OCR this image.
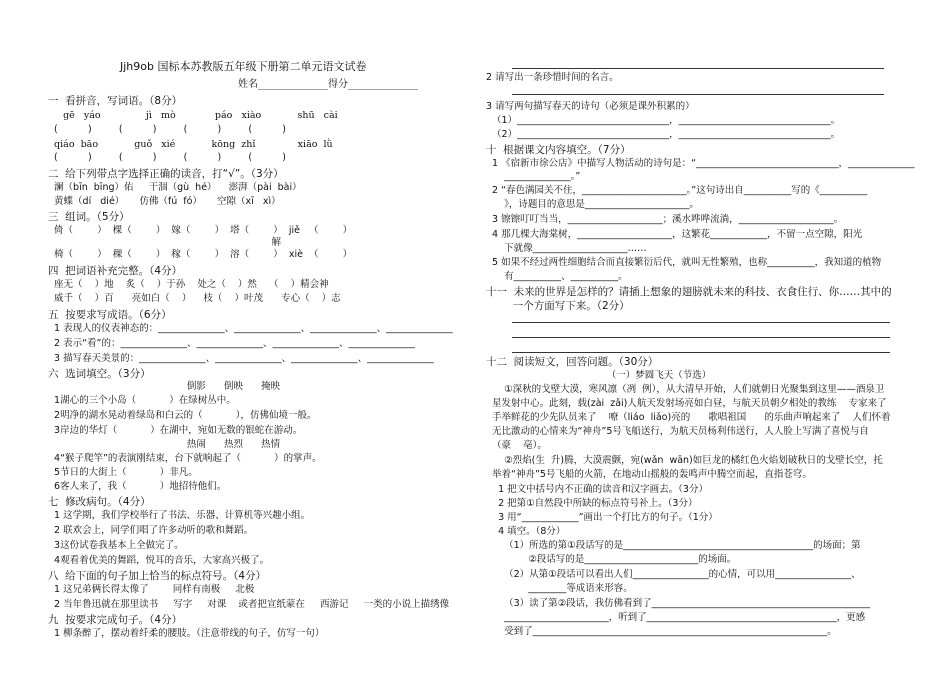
Jjh9ob 国标本苏教版五年级下册第二单元语文试卷
姓名______________得分______________
一  看拼音，写词语。（8分）
gē   yáo               jì   mò             páo   xiào            shū   cài
(          )         (          )         (          )         (          )
qiáo  bāo            guǒ   xié            kōng  zhǐ              xiāo  lǜ
(          )         (          )         (          )         (          )
二  给下列带点字选择正确的读音，打“√”。（3分）
澜（bīn  bīng）佑     干涸（gù  hé）    澎湃（pài  bài）
黄蝶（dí   dié）     仿佛（fú  fó）     空隙（xī   xì）
三  组词。（5分）
倚（        ）  棵（        ）  嫁（        ）  塔（        ）  jiě   （        ）
解
椅（        ）  稞（        ）  稼（        ）  溶（        ）  xiè  （        ）
四  把词语补充完整。（4分）
座无（    ）地    炙（    ）于孙    处之（    ）然    （    ）精会神
威千（    ）百      亮如白（    ）    枝（    ）叶茂      专心（    ）志
五  按要求写成语。（6分）
1 表现人的仪表神态的：______________、______________、______________、______________
2 表示“看”的：______________、______________、______________、______________
3 描写春天美景的：______________、______________、______________、______________
六  选词填空。（3分）
倒影      倒映      掩映
1湖心的三个小岛（           ）在绿树丛中。
2明净的湖水晃动着绿岛和白云的（           ），仿佛仙境一般。
3岸边的华灯（           ）在湖中，宛如无数的银蛇在游动。
热闹      热烈      热情
4“猴子爬竿”的表演刚结束，台下就响起了（           ）的掌声。
5节日的大街上（           ）非凡。
6客人来了，我（           ）地招待他们。
七  修改病句。（4分）
1 这学期，我们学校举行了书法、乐器、计算机等兴趣小组。
2 联欢会上，同学们唱了许多动听的歌和舞蹈。
3这份试卷我基本上全做完了。
4观看着优美的舞蹈，悦耳的音乐，大家高兴极了。
八  给下面的句子加上恰当的标点符号。（4分）
1 这兄弟俩长得太像了        同样有南极     北极
2 当年鲁迅就在那里读书     写字     对课    或者把宣纸蒙在     西游记     一类的小说上描绣像
九  按要求完成句子。（4分）
1 柳条醉了，摆动着纤柔的腰肢。（注意带线的句子，仿写一句）
2 请写出一条珍惜时间的名言。
3 请写两句描写春天的诗句（必须是课外积累的）
（1）________________________________，________________________________。
（2）________________________________，________________________________。
十  根据课文内容填空。（7分）
1 《宿新市徐公店》中描写人物活动的诗句是：“______________________________，______________
______________。”
2 “春色满园关不住，______________________。”这句诗出自__________写的《__________
》，诗题目的意思是______________________。
3 镲镲叮叮当当，____________________；溪水哗哗流淌，____________________。
4 那几棵大海棠树，____________________，这繁花____________，不留一点空隙，阳光
下就像____________________……
5 如果不经过两性细胞结合而直接繁衍后代，就叫无性繁殖，也称__________，我知道的植物
有__________、__________。
十一  未来的世界是怎样的？请插上想象的翅膀就未来的科技、衣食住行、你……其中的
一个方面写下来。（2分）
十二  阅读短文，回答问题。（30分）
（一）梦圆飞天（节选）
①深秋的戈壁大漠，寒风凛（冽  例），从大清早开始，人们就朝日光聚集到这里——酒泉卫
星发射中心。此刻，载(zài  zǎi)人航天发射场亮如白昼，与航天员朝夕相处的教练    专家来了
手举鲜花的少先队员来了    嘹（liáo  liǎo)亮的      歌唱祖国      的乐曲声响起来了    人们怀着
无比激动的心情来为“神舟”5号飞船送行，为航天员杨利伟送行，人人脸上写满了喜悦与自
（豪    亳）。
②烈焰(生  升)腾，大漠震颤，宛(wǎn  wān)如巨龙的橘红色火焰划破秋日的戈壁长空，托
举着“神舟”5号飞船的火箭，在地动山摇般的轰鸣声中腾空而起，直指苍穹。
1 把文中括号内不正确的读音和汉字画去。（3分）
2 把第①自然段中所缺的标点符号补上。（3分）
3 用“____________”画出一个打比方的句子。（1分）
4 填空。（8分）
（1）所选的第①段话写的是________________________________________的场面；第
②段话写的是________________________的场面。
（2）从第①段话可以看出人们________________的心情，可以用________________、
________等成语来形容。
（3）读了第②段话，我仿佛看到了______________________________________________
______________________，听到了________________________________________，更感
受到了______________________________________________________________。
